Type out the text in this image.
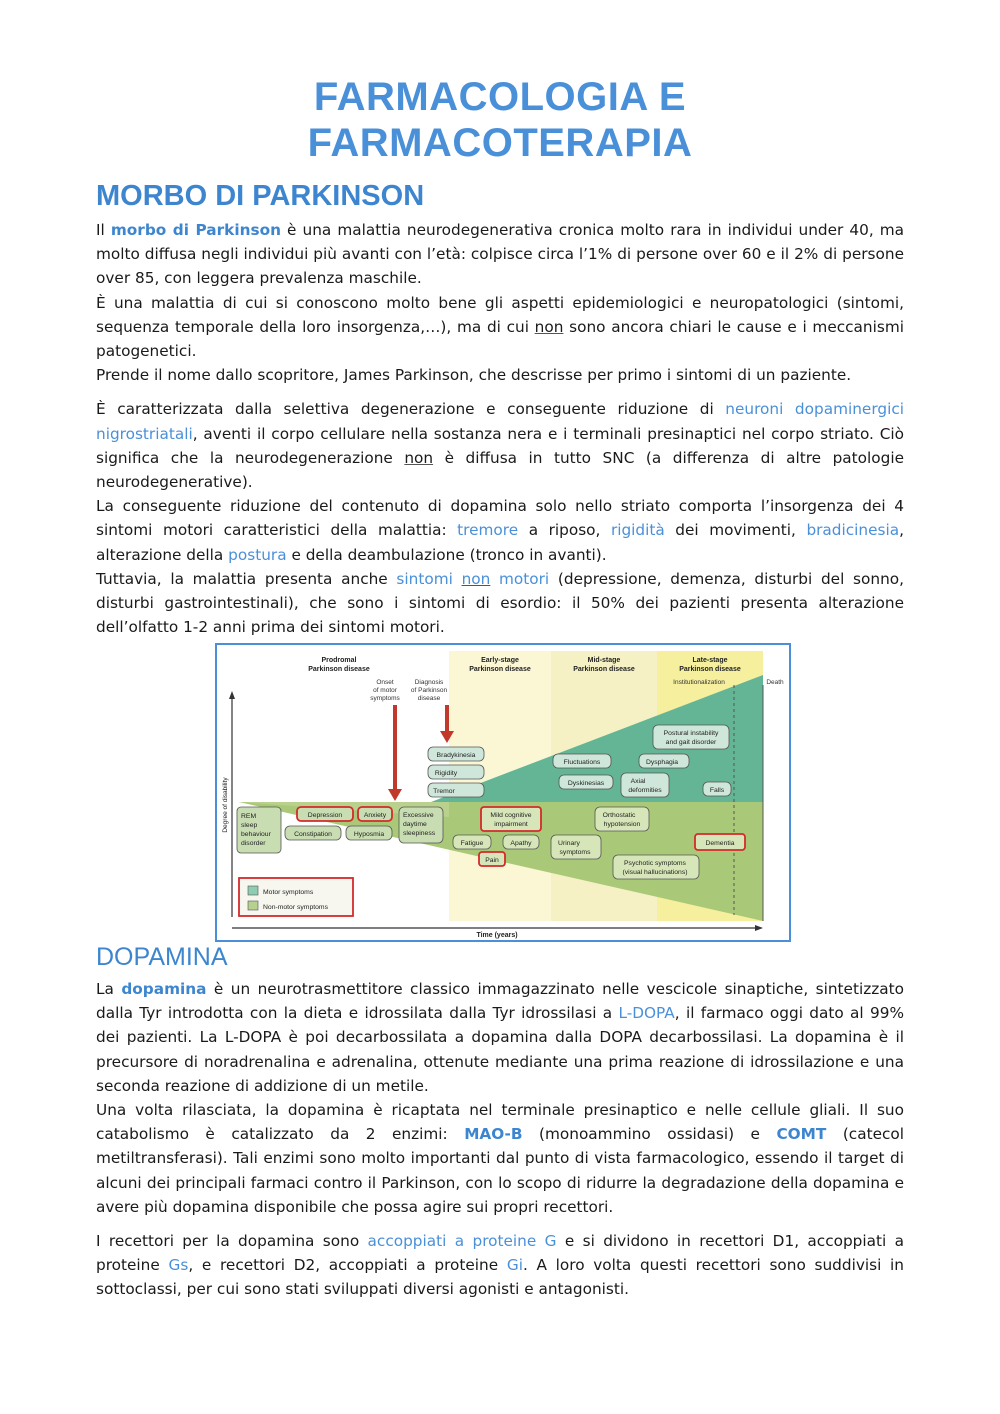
FARMACOLOGIA E
FARMACOTERAPIA
MORBO DI PARKINSON

Il morbo di Parkinson è una malattia neurodegenerativa cronica molto rara in individui under 40, ma molto diffusa negli individui più avanti con l’età: colpisce circa l’1% di persone over 60 e il 2% di persone over 85, con leggera prevalenza maschile.

È una malattia di cui si conoscono molto bene gli aspetti epidemiologici e neuropatologici (sintomi, sequenza temporale della loro insorgenza,…), ma di cui non sono ancora chiari le cause e i meccanismi patogenetici.

Prende il nome dallo scopritore, James Parkinson, che descrisse per primo i sintomi di un paziente.

È caratterizzata dalla selettiva degenerazione e conseguente riduzione di neuroni dopaminergici nigrostriatali, aventi il corpo cellulare nella sostanza nera e i terminali presinaptici nel corpo striato. Ciò significa che la neurodegenerazione non è diffusa in tutto SNC (a differenza di altre patologie neurodegenerative).

La conseguente riduzione del contenuto di dopamina solo nello striato comporta l’insorgenza dei 4 sintomi motori caratteristici della malattia: tremore a riposo, rigidità dei movimenti, bradicinesia, alterazione della postura e della deambulazione (tronco in avanti).

Tuttavia, la malattia presenta anche sintomi non motori (depressione, demenza, disturbi del sonno, disturbi gastrointestinali), che sono i sintomi di esordio: il 50% dei pazienti presenta alterazione dell’olfatto 1-2 anni prima dei sintomi motori.

Degree of disability
Time (years)
Prodromal
Parkinson disease
Early-stage
Parkinson disease
Mid-stage
Parkinson disease
Late-stage
Parkinson disease
Institutionalization	Death
Onset
of motor
symptoms
Diagnosis
of Parkinson
disease
REM
sleep
behaviour
disorder
Depression	Anxiety
Constipation	Hyposmia
Excessive
daytime
sleepiness
Bradykinesia
Rigidity
Tremor
Mild cognitive
impairment
Fatigue	Apathy
Pain
Fluctuations
Dyskinesias	Axial
deformities
Dysphagia
Postural instability
and gait disorder
Falls
Orthostatic
hypotension
Urinary
symptoms
Dementia
Psychotic symptoms
(visual hallucinations)
Motor symptoms
Non-motor symptoms
DOPAMINA

La dopamina è un neurotrasmettitore classico immagazzinato nelle vescicole sinaptiche, sintetizzato dalla Tyr introdotta con la dieta e idrossilata dalla Tyr idrossilasi a L-DOPA, il farmaco oggi dato al 99% dei pazienti. La L-DOPA è poi decarbossilata a dopamina dalla DOPA decarbossilasi. La dopamina è il precursore di noradrenalina e adrenalina, ottenute mediante una prima reazione di idrossilazione e una seconda reazione di addizione di un metile.

Una volta rilasciata, la dopamina è ricaptata nel terminale presinaptico e nelle cellule gliali. Il suo catabolismo è catalizzato da 2 enzimi: MAO-B (monoammino ossidasi) e COMT (catecol metiltransferasi). Tali enzimi sono molto importanti dal punto di vista farmacologico, essendo il target di alcuni dei principali farmaci contro il Parkinson, con lo scopo di ridurre la degradazione della dopamina e avere più dopamina disponibile che possa agire sui propri recettori.

I recettori per la dopamina sono accoppiati a proteine G e si dividono in recettori D1, accoppiati a proteine Gs, e recettori D2, accoppiati a proteine Gi. A loro volta questi recettori sono suddivisi in sottoclassi, per cui sono stati sviluppati diversi agonisti e antagonisti.
